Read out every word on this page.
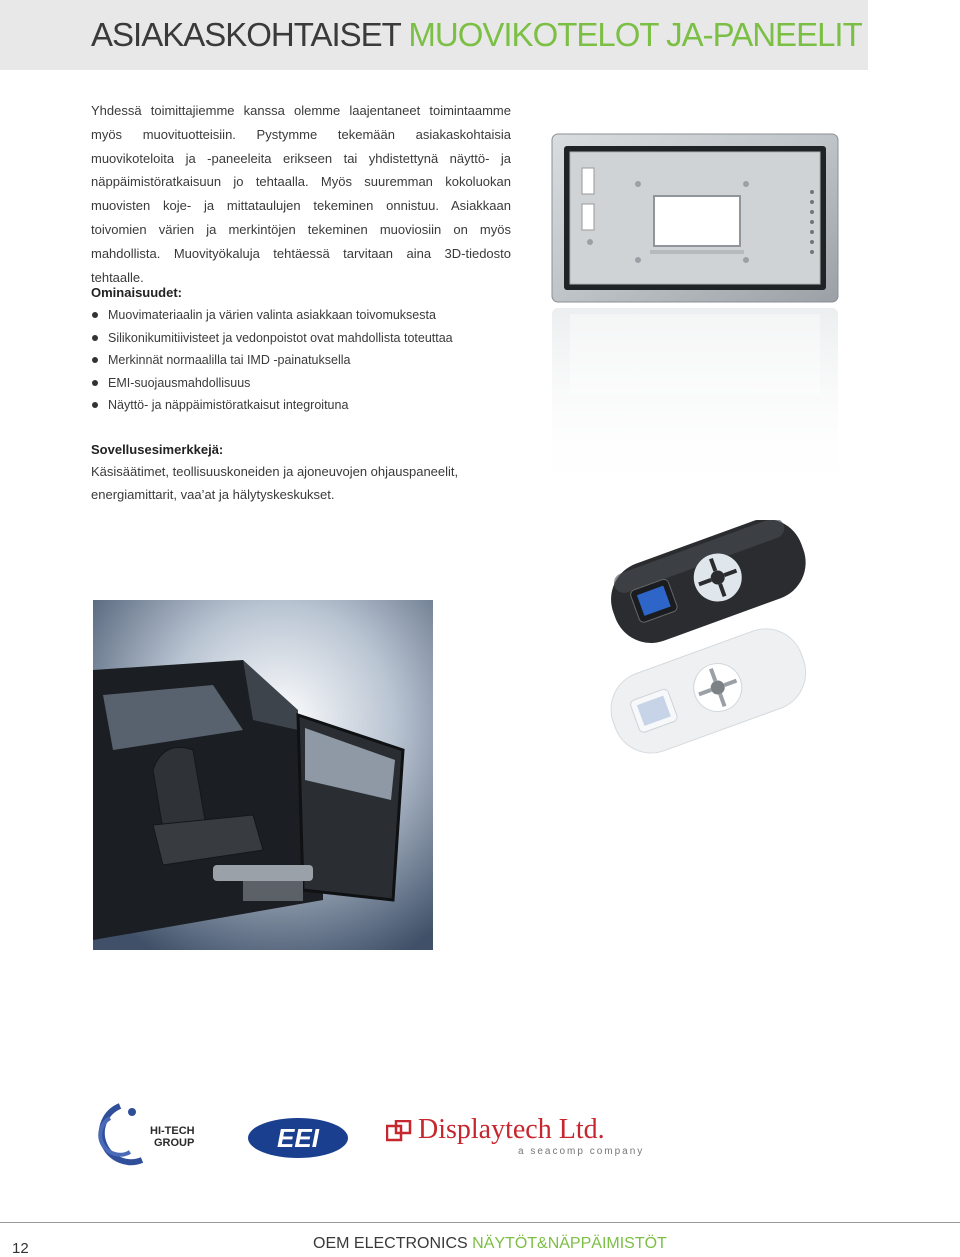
ASIAKASKOHTAISET MUOVIKOTELOT JA-PANEELIT

Yhdessä toimittajiemme kanssa olemme laajentaneet toimintaamme myös muovituotteisiin. Pystymme tekemään asiakaskohtaisia muovikoteloita ja -paneeleita erikseen tai yhdistettynä näyttö- ja näppäimistöratkaisuun jo tehtaalla. Myös suuremman kokoluokan muovisten koje- ja mittataulujen tekeminen onnistuu. Asiakkaan toivomien värien ja merkintöjen tekeminen muoviosiin on myös mahdollista. Muovityökaluja tehtäessä tarvitaan aina 3D-tiedosto tehtaalle.

Ominaisuudet:
Muovimateriaalin ja värien valinta asiakkaan toivomuksesta
Silikonikumitiivisteet ja vedonpoistot ovat mahdollista toteuttaa
Merkinnät normaalilla tai IMD -painatuksella
EMI-suojausmahdollisuus
Näyttö- ja näppäimistöratkaisut integroituna
Sovellusesimerkkejä:

Käsisäätimet, teollisuuskoneiden ja ajoneuvojen ohjauspaneelit, energiamittarit, vaa’at ja hälytyskeskukset.

HI-TECH
GROUP	EEI	Displaytech Ltd.
a seacomp company
12	OEM ELECTRONICS NÄYTÖT&NÄPPÄIMISTÖT
